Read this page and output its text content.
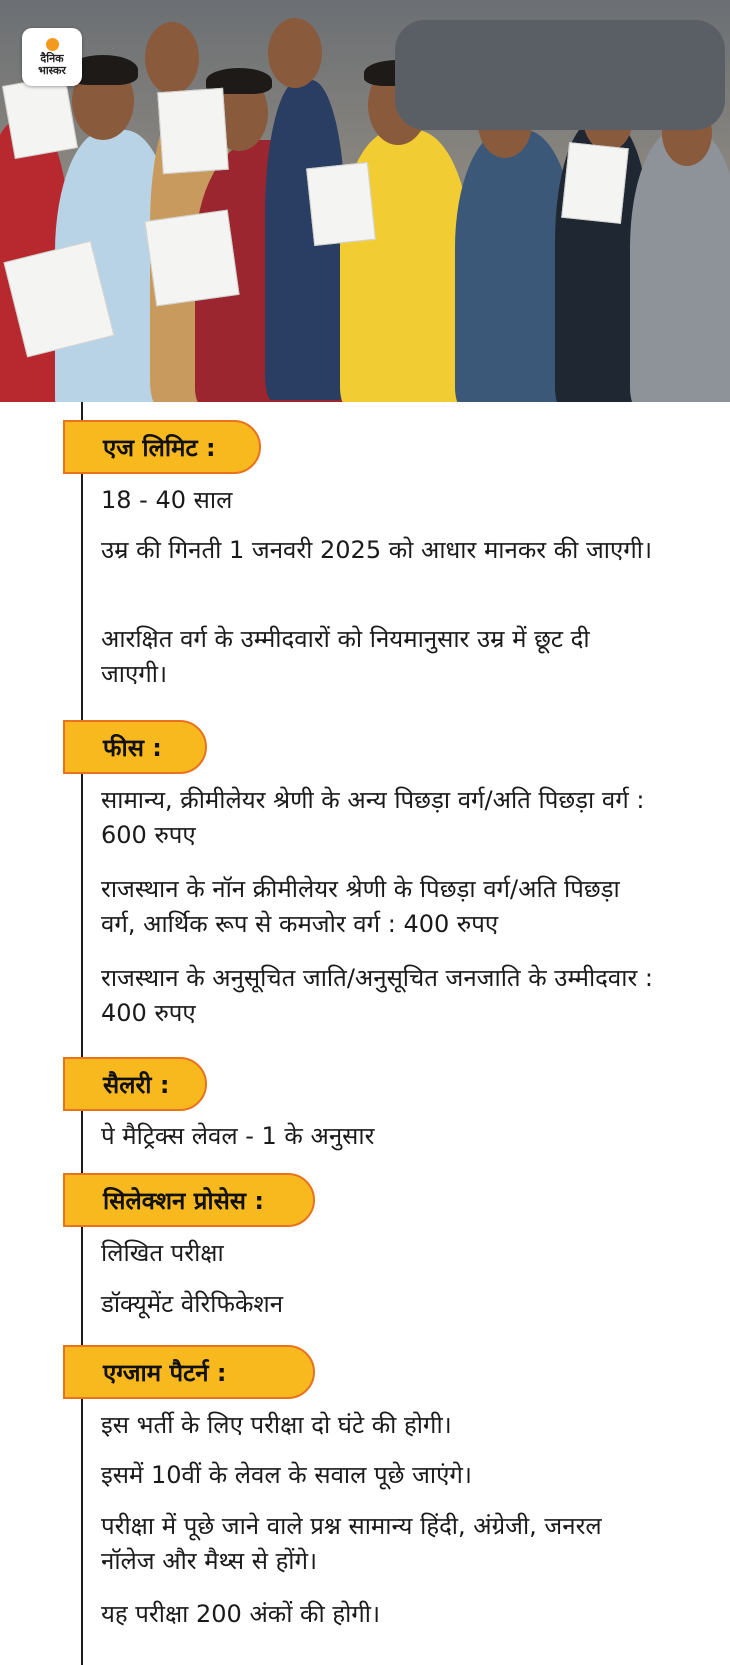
दैनिक
भास्कर
एज लिमिट :
18 - 40 साल
उम्र की गिनती 1 जनवरी 2025 को आधार मानकर की जाएगी।
आरक्षित वर्ग के उम्मीदवारों को नियमानुसार उम्र में छूट दी जाएगी।
फीस :
सामान्य, क्रीमीलेयर श्रेणी के अन्य पिछड़ा वर्ग/अति पिछड़ा वर्ग : 600 रुपए
राजस्थान के नॉन क्रीमीलेयर श्रेणी के पिछड़ा वर्ग/अति पिछड़ा वर्ग, आर्थिक रूप से कमजोर वर्ग : 400 रुपए
राजस्थान के अनुसूचित जाति/अनुसूचित जनजाति के उम्मीदवार : 400 रुपए
सैलरी :
पे मैट्रिक्स लेवल - 1 के अनुसार
सिलेक्शन प्रोसेस :
लिखित परीक्षा
डॉक्यूमेंट वेरिफिकेशन
एग्जाम पैटर्न :
इस भर्ती के लिए परीक्षा दो घंटे की होगी।
इसमें 10वीं के लेवल के सवाल पूछे जाएंगे।
परीक्षा में पूछे जाने वाले प्रश्न सामान्य हिंदी, अंग्रेजी, जनरल नॉलेज और मैथ्स से होंगे।
यह परीक्षा 200 अंकों की होगी।
